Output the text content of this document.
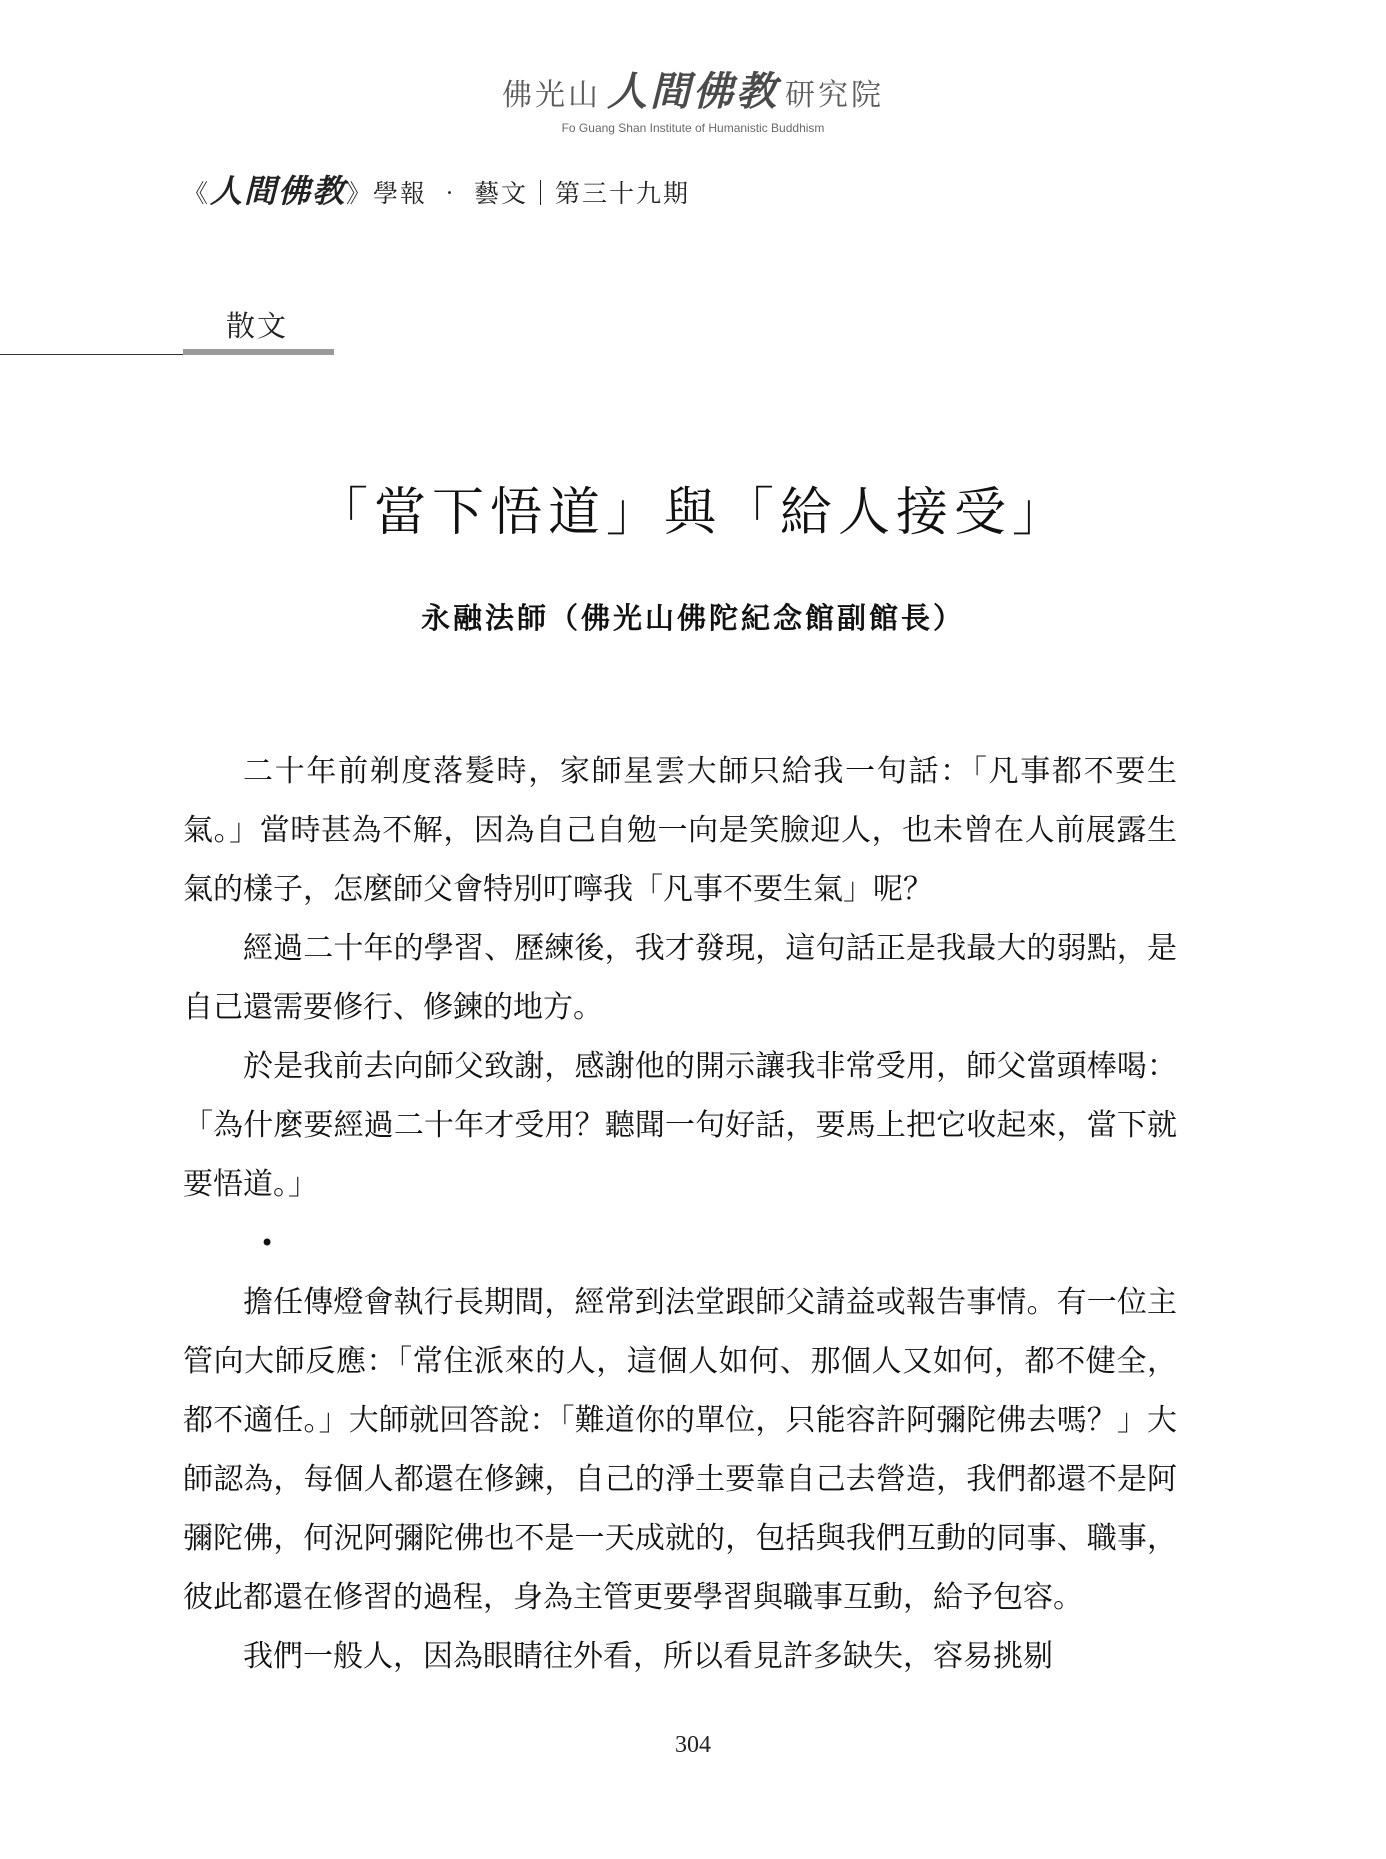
佛光山 人間佛教 研究院
Fo Guang Shan Institute of Humanistic Buddhism
《人間佛教》學報 ‧ 藝文｜第三十九期
散文
「當下悟道」與「給人接受」
永融法師（佛光山佛陀紀念館副館長）

二十年前剃度落髮時，家師星雲大師只給我一句話：「凡事都不要生氣。」當時甚為不解，因為自己自勉一向是笑臉迎人，也未曾在人前展露生氣的樣子，怎麼師父會特別叮嚀我「凡事不要生氣」呢？

經過二十年的學習、歷練後，我才發現，這句話正是我最大的弱點，是自己還需要修行、修鍊的地方。

於是我前去向師父致謝，感謝他的開示讓我非常受用，師父當頭棒喝：「為什麼要經過二十年才受用？聽聞一句好話，要馬上把它收起來，當下就要悟道。」

•

擔任傳燈會執行長期間，經常到法堂跟師父請益或報告事情。有一位主管向大師反應：「常住派來的人，這個人如何、那個人又如何，都不健全，都不適任。」大師就回答說：「難道你的單位，只能容許阿彌陀佛去嗎？」大師認為，每個人都還在修鍊，自己的淨土要靠自己去營造，我們都還不是阿彌陀佛，何況阿彌陀佛也不是一天成就的，包括與我們互動的同事、職事，彼此都還在修習的過程，身為主管更要學習與職事互動，給予包容。

我們一般人，因為眼睛往外看，所以看見許多缺失，容易挑剔

304
